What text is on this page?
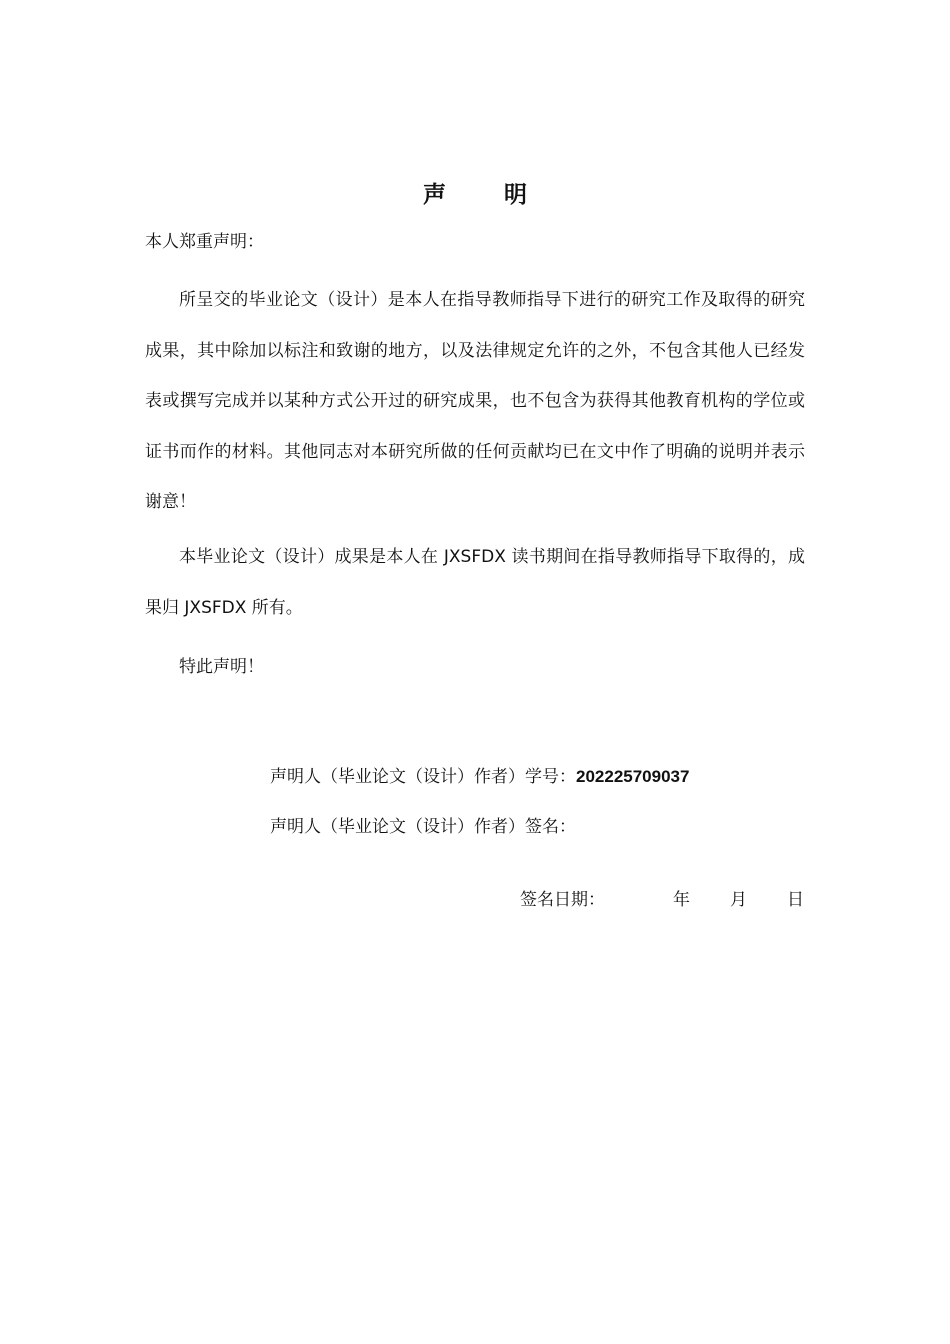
声	明
本人郑重声明：
所呈交的毕业论文（设计）是本人在指导教师指导下进行的研究工作及取得的研究成果，其中除加以标注和致谢的地方，以及法律规定允许的之外，不包含其他人已经发表或撰写完成并以某种方式公开过的研究成果，也不包含为获得其他教育机构的学位或证书而作的材料。其他同志对本研究所做的任何贡献均已在文中作了明确的说明并表示谢意！
本毕业论文（设计）成果是本人在 JXSFDX 读书期间在指导教师指导下取得的，成果归 JXSFDX 所有。
特此声明！
声明人（毕业论文（设计）作者）学号：202225709037
声明人（毕业论文（设计）作者）签名：
签名日期：	年 月 日
